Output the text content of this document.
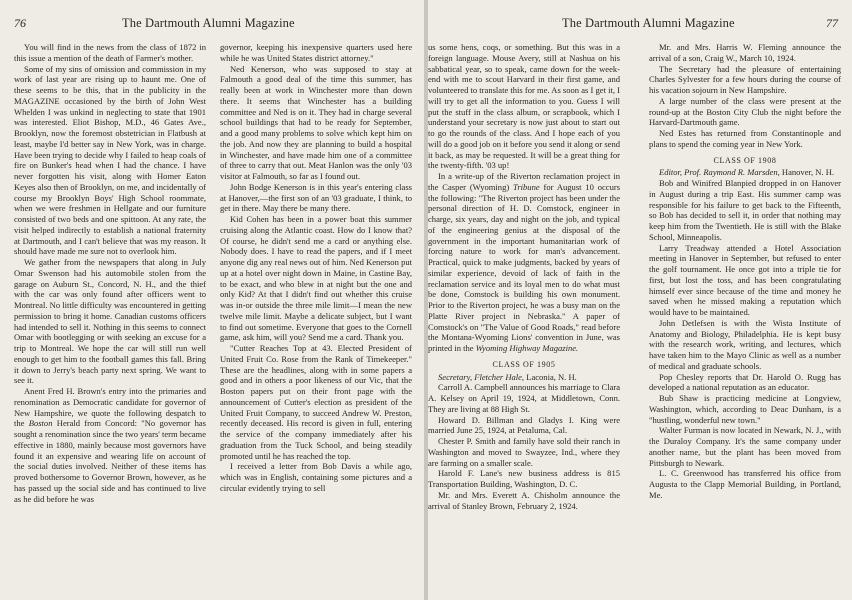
76	The Dartmouth Alumni Magazine

You will find in the news from the class of 1872 in this issue a mention of the death of Farmer's mother.

Some of my sins of omission and commission in my work of last year are rising up to haunt me. One of these seems to be this, that in the publicity in the MAGAZINE occasioned by the birth of John West Whelden I was unkind in neglecting to state that 1901 was interested. Eliot Bishop, M.D., 46 Gates Ave., Brooklyn, now the foremost obstetrician in Flatbush at least, maybe I'd better say in New York, was in charge. Have been trying to decide why I failed to heap coals of fire on Bunker's head when I had the chance. I have never forgotten his visit, along with Homer Eaton Keyes also then of Brooklyn, on me, and incidentally of course my Brooklyn Boys' High School roommate, when we were freshmen in Hellgate and our furniture consisted of two beds and one spittoon. At any rate, the visit helped indirectly to establish a national fraternity at Dartmouth, and I can't believe that was my reason. It should have made me sure not to overlook him.

We gather from the newspapers that along in July Omar Swenson had his automobile stolen from the garage on Auburn St., Concord, N. H., and the thief with the car was only found after officers went to Montreal. No little difficulty was encountered in getting permission to bring it home. Canadian customs officers had intended to sell it. Nothing in this seems to connect Omar with bootlegging or with seeking an excuse for a trip to Montreal. We hope the car will still run well enough to get him to the football games this fall. Bring it down to Jerry's beach party next spring. We want to see it.

Anent Fred H. Brown's entry into the primaries and renomination as Democratic candidate for governor of New Hampshire, we quote the following despatch to the Boston Herald from Concord: "No governor has sought a renomination since the two years' term became effective in 1880, mainly because most governors have found it an expensive and wearing life on account of the social duties involved. Neither of these items has proved bothersome to Governor Brown, however, as he has passed up the social side and has continued to live as he did before he was

governor, keeping his inexpensive quarters used here while he was United States district attorney."

Ned Kenerson, who was supposed to stay at Falmouth a good deal of the time this summer, has really been at work in Winchester more than down there. It seems that Winchester has a building committee and Ned is on it. They had in charge several school buildings that had to be ready for September, and a good many problems to solve which kept him on the job. And now they are planning to build a hospital in Winchester, and have made him one of a committee of three to carry that out. Meat Hanlon was the only '03 visitor at Falmouth, so far as I found out.

John Bodge Kenerson is in this year's entering class at Hanover,—the first son of an '03 graduate, I think, to get in there. May there be many there.

Kid Cohen has been in a power boat this summer cruising along the Atlantic coast. How do I know that? Of course, he didn't send me a card or anything else. Nobody does. I have to read the papers, and if I meet anyone dig any real news out of him. Ned Kenerson put up at a hotel over night down in Maine, in Castine Bay, to be exact, and who blew in at night but the one and only Kid? At that I didn't find out whether this cruise was in-or outside the three mile limit—I mean the new twelve mile limit. Maybe a delicate subject, but I want to find out sometime. Everyone that goes to the Cornell game, ask him, will you? Send me a card. Thank you.

"Cutter Reaches Top at 43. Elected President of United Fruit Co. Rose from the Rank of Timekeeper." These are the headlines, along with in some papers a good and in others a poor likeness of our Vic, that the Boston papers put on their front page with the announcement of Cutter's election as president of the United Fruit Company, to succeed Andrew W. Preston, recently deceased. His record is given in full, entering the service of the company immediately after his graduation from the Tuck School, and being steadily promoted until he has reached the top.

I received a letter from Bob Davis a while ago, which was in English, containing some pictures and a circular evidently trying to sell

The Dartmouth Alumni Magazine	77

us some hens, coqs, or something. But this was in a foreign language. Mouse Avery, still at Nashua on his sabbatical year, so to speak, came down for the week-end with me to scout Harvard in their first game, and volunteered to translate this for me. As soon as I get it, I will try to get all the information to you. Guess I will put the stuff in the class album, or scrapbook, which I understand your secretary is now just about to start out to go the rounds of the class. And I hope each of you will do a good job on it before you send it along or send it back, as may be requested. It will be a great thing for the twenty-fifth. '03 up!

In a write-up of the Riverton reclamation project in the Casper (Wyoming) Tribune for August 10 occurs the following: "The Riverton project has been under the personal direction of H. D. Comstock, engineer in charge, six years, day and night on the job, and typical of the engineering genius at the disposal of the government in the important humanitarian work of forcing nature to work for man's advancement. Practical, quick to make judgments, backed by years of similar experience, devoid of lack of faith in the reclamation service and its loyal men to do what must be done, Comstock is building his own monument. Prior to the Riverton project, he was a busy man on the Platte River project in Nebraska." A paper of Comstock's on "The Value of Good Roads," read before the Montana-Wyoming Lions' convention in June, was printed in the Wyoming Highway Magazine.

CLASS OF 1905

Secretary, Fletcher Hale, Laconia, N. H.

Carroll A. Campbell announces his marriage to Clara A. Kelsey on April 19, 1924, at Middletown, Conn. They are living at 88 High St.

Howard D. Billman and Gladys I. King were married June 25, 1924, at Petaluma, Cal.

Chester P. Smith and family have sold their ranch in Washington and moved to Swayzee, Ind., where they are farming on a smaller scale.

Harold F. Lane's new business address is 815 Transportation Building, Washington, D. C.

Mr. and Mrs. Everett A. Chisholm announce the arrival of Stanley Brown, February 2, 1924.

Mr. and Mrs. Harris W. Fleming announce the arrival of a son, Craig W., March 10, 1924.

The Secretary had the pleasure of entertaining Charles Sylvester for a few hours during the course of his vacation sojourn in New Hampshire.

A large number of the class were present at the round-up at the Boston City Club the night before the Harvard-Dartmouth game.

Ned Estes has returned from Constantinople and plans to spend the coming year in New York.

CLASS OF 1908

Editor, Prof. Raymond R. Marsden, Hanover, N. H.

Bob and Winifred Blanpied dropped in on Hanover in August during a trip East. His summer camp was responsible for his failure to get back to the Fifteenth, so Bob has decided to sell it, in order that nothing may keep him from the Twentieth. He is still with the Blake School, Minneapolis.

Larry Treadway attended a Hotel Association meeting in Hanover in September, but refused to enter the golf tournament. He once got into a triple tie for first, but lost the toss, and has been congratulating himself ever since because of the time and money he saved when he missed making a reputation which would have to be maintained.

John Detlefsen is with the Wista Institute of Anatomy and Biology, Philadelphia. He is kept busy with the research work, writing, and lectures, which have taken him to the Mayo Clinic as well as a number of medical and graduate schools.

Pop Chesley reports that Dr. Harold O. Rugg has developed a national reputation as an educator.

Bub Shaw is practicing medicine at Longview, Washington, which, according to Deac Dunham, is a "hustling, wonderful new town."

Walter Furman is now located in Newark, N. J., with the Duraloy Company. It's the same company under another name, but the plant has been moved from Pittsburgh to Newark.

L. C. Greenwood has transferred his office from Augusta to the Clapp Memorial Building, in Portland, Me.
